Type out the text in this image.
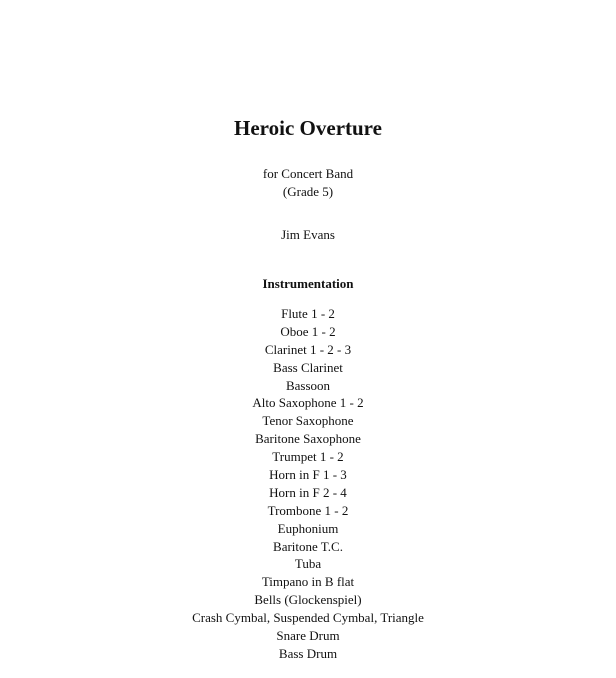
Heroic Overture
for Concert Band
(Grade 5)
Jim Evans
Instrumentation
Flute 1 - 2
Oboe 1 - 2
Clarinet 1 - 2 - 3
Bass Clarinet
Bassoon
Alto Saxophone 1 - 2
Tenor Saxophone
Baritone Saxophone
Trumpet 1 - 2
Horn in F 1 - 3
Horn in F 2 - 4
Trombone 1 - 2
Euphonium
Baritone T.C.
Tuba
Timpano in B flat
Bells (Glockenspiel)
Crash Cymbal, Suspended Cymbal, Triangle
Snare Drum
Bass Drum
